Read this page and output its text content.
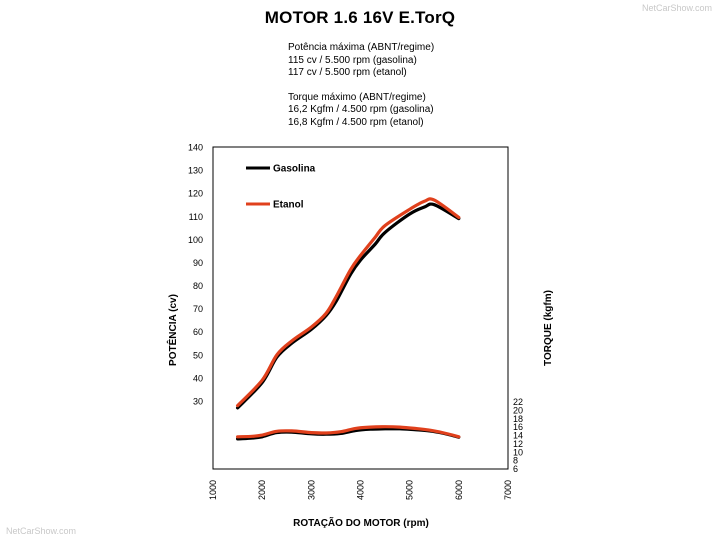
NetCarShow.com
NetCarShow.com
MOTOR 1.6 16V E.TorQ
Potência máxima (ABNT/regime)
115 cv / 5.500 rpm (gasolina)
117 cv / 5.500 rpm (etanol)
Torque máximo (ABNT/regime)
16,2 Kgfm / 4.500 rpm (gasolina)
16,8 Kgfm / 4.500 rpm (etanol)
30
40
50
60
70
80
90
100
110
120
130
140
6
8
10
12
14
16
18
20
22
1000	2000	3000	4000	5000	6000	7000
ROTAÇÃO DO MOTOR (rpm)
POTÊNCIA (cv)	TORQUE (kgfm)
Gasolina
Etanol
